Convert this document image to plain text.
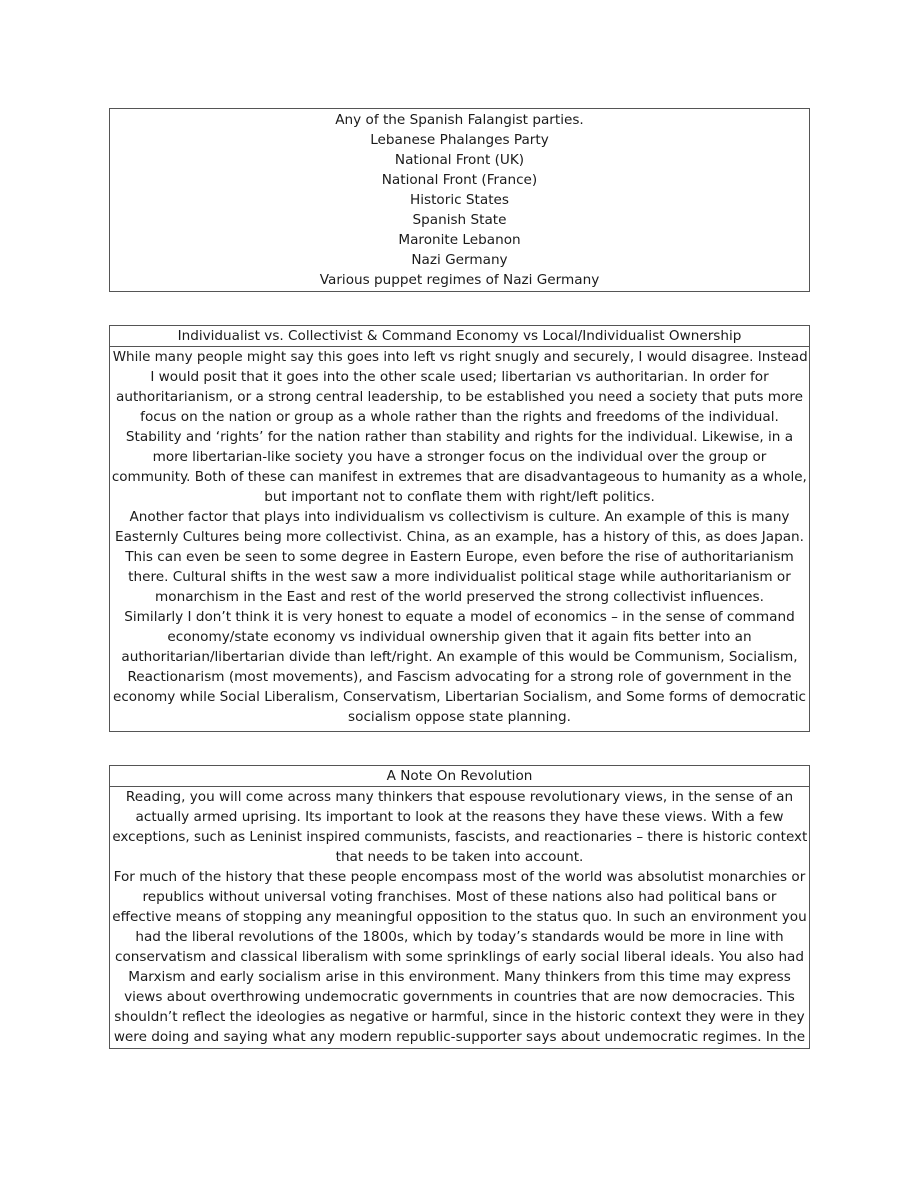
Any of the Spanish Falangist parties.
Lebanese Phalanges Party
National Front (UK)
National Front (France)
Historic States
Spanish State
Maronite Lebanon
Nazi Germany
Various puppet regimes of Nazi Germany
Individualist vs. Collectivist & Command Economy vs Local/Individualist Ownership
While many people might say this goes into left vs right snugly and securely, I would disagree. Instead
I would posit that it goes into the other scale used; libertarian vs authoritarian. In order for
authoritarianism, or a strong central leadership, to be established you need a society that puts more
focus on the nation or group as a whole rather than the rights and freedoms of the individual.
Stability and ‘rights’ for the nation rather than stability and rights for the individual. Likewise, in a
more libertarian-like society you have a stronger focus on the individual over the group or
community. Both of these can manifest in extremes that are disadvantageous to humanity as a whole,
but important not to conflate them with right/left politics.
Another factor that plays into individualism vs collectivism is culture. An example of this is many
Easternly Cultures being more collectivist. China, as an example, has a history of this, as does Japan.
This can even be seen to some degree in Eastern Europe, even before the rise of authoritarianism
there. Cultural shifts in the west saw a more individualist political stage while authoritarianism or
monarchism in the East and rest of the world preserved the strong collectivist influences.
Similarly I don’t think it is very honest to equate a model of economics – in the sense of command
economy/state economy vs individual ownership given that it again fits better into an
authoritarian/libertarian divide than left/right. An example of this would be Communism, Socialism,
Reactionarism (most movements), and Fascism advocating for a strong role of government in the
economy while Social Liberalism, Conservatism, Libertarian Socialism, and Some forms of democratic
socialism oppose state planning.
A Note On Revolution
Reading, you will come across many thinkers that espouse revolutionary views, in the sense of an
actually armed uprising. Its important to look at the reasons they have these views. With a few
exceptions, such as Leninist inspired communists, fascists, and reactionaries – there is historic context
that needs to be taken into account.
For much of the history that these people encompass most of the world was absolutist monarchies or
republics without universal voting franchises. Most of these nations also had political bans or
effective means of stopping any meaningful opposition to the status quo. In such an environment you
had the liberal revolutions of the 1800s, which by today’s standards would be more in line with
conservatism and classical liberalism with some sprinklings of early social liberal ideals. You also had
Marxism and early socialism arise in this environment. Many thinkers from this time may express
views about overthrowing undemocratic governments in countries that are now democracies. This
shouldn’t reflect the ideologies as negative or harmful, since in the historic context they were in they
were doing and saying what any modern republic-supporter says about undemocratic regimes. In the
